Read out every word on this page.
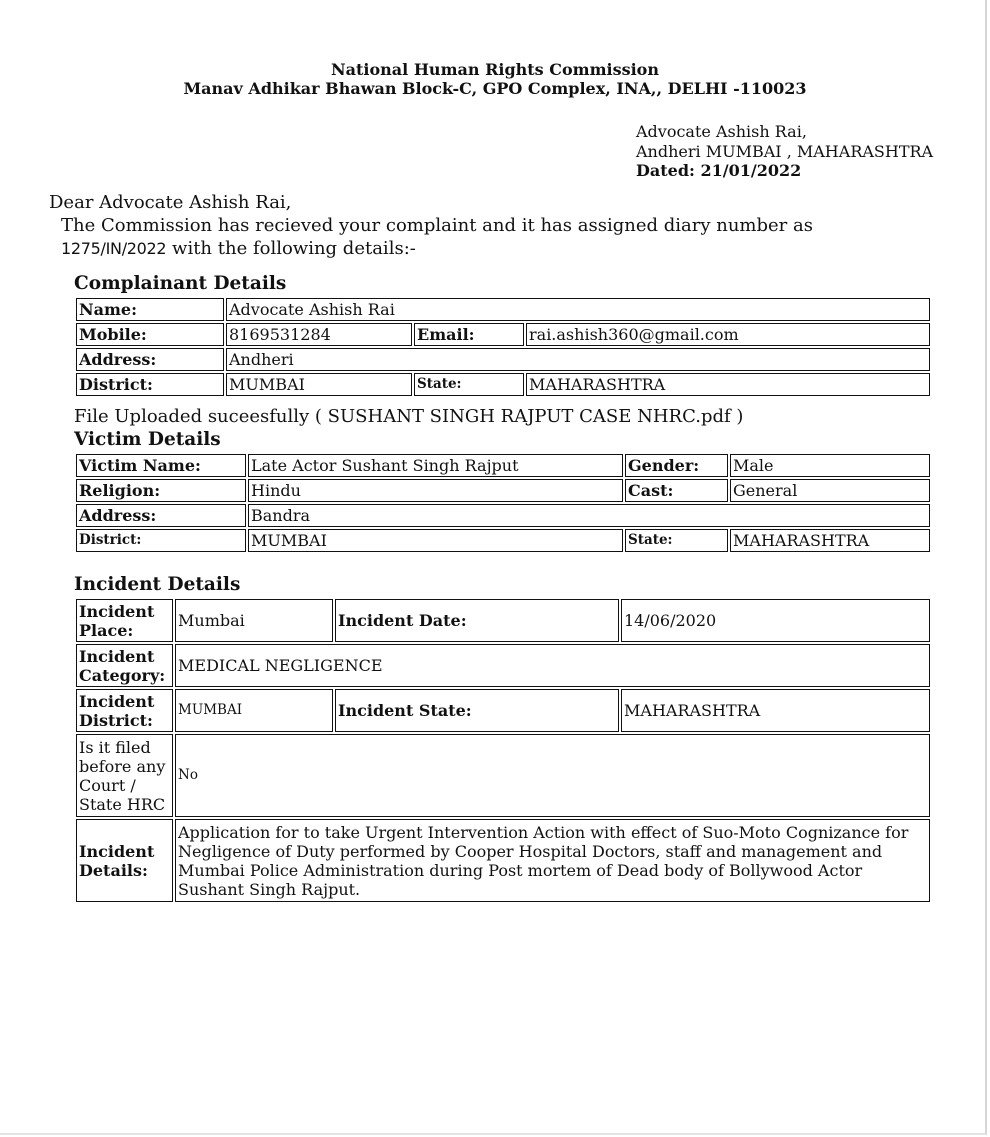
National Human Rights Commission
Manav Adhikar Bhawan Block-C, GPO Complex, INA,, DELHI -110023
Advocate Ashish Rai,
Andheri MUMBAI , MAHARASHTRA
Dated: 21/01/2022
Dear Advocate Ashish Rai,
The Commission has recieved your complaint and it has assigned diary number as
1275/IN/2022 with the following details:-
Complainant Details
Name:	Advocate Ashish Rai		
Mobile:	8169531284	Email:	rai.ashish360@gmail.com
Address:	Andheri		
District:	MUMBAI	State:	MAHARASHTRA
File Uploaded suceesfully ( SUSHANT SINGH RAJPUT CASE NHRC.pdf )
Victim Details
Victim Name:	Late Actor Sushant Singh Rajput	Gender:	Male
Religion:	Hindu	Cast:	General
Address:	Bandra		
District:	MUMBAI	State:	MAHARASHTRA
Incident Details
Incident Place:	Mumbai	Incident Date:	14/06/2020
Incident Category:	MEDICAL NEGLIGENCE		
Incident District:	MUMBAI	Incident State:	MAHARASHTRA
Is it filed before any Court / State HRC	No		
Incident Details:	Application for to take Urgent Intervention Action with effect of Suo-Moto Cognizance for Negligence of Duty performed by Cooper Hospital Doctors, staff and management and Mumbai Police Administration during Post mortem of Dead body of Bollywood Actor Sushant Singh Rajput.		
